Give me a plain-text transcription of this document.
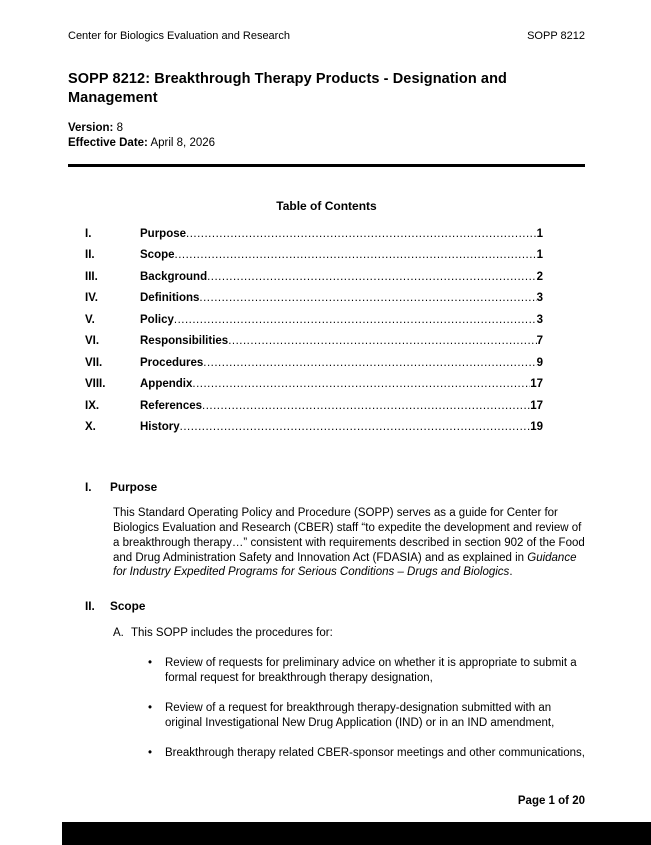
Center for Biologics Evaluation and Research	SOPP 8212
SOPP 8212: Breakthrough Therapy Products - Designation and Management
Version: 8
Effective Date: April 8, 2026
Table of Contents
I.	Purpose .....	1
II.	Scope .....	1
III.	Background .....	2
IV.	Definitions .....	3
V.	Policy .....	3
VI.	Responsibilities .....	7
VII.	Procedures .....	9
VIII.	Appendix .....	17
IX.	References .....	17
X.	History .....	19
I.	Purpose
This Standard Operating Policy and Procedure (SOPP) serves as a guide for Center for Biologics Evaluation and Research (CBER) staff “to expedite the development and review of a breakthrough therapy…” consistent with requirements described in section 902 of the Food and Drug Administration Safety and Innovation Act (FDASIA) and as explained in Guidance for Industry Expedited Programs for Serious Conditions – Drugs and Biologics.
II.	Scope
A. This SOPP includes the procedures for:
•
Review of requests for preliminary advice on whether it is appropriate to submit a formal request for breakthrough therapy designation,
•
Review of a request for breakthrough therapy-designation submitted with an original Investigational New Drug Application (IND) or in an IND amendment,
•
Breakthrough therapy related CBER-sponsor meetings and other communications,
Page 1 of 20
